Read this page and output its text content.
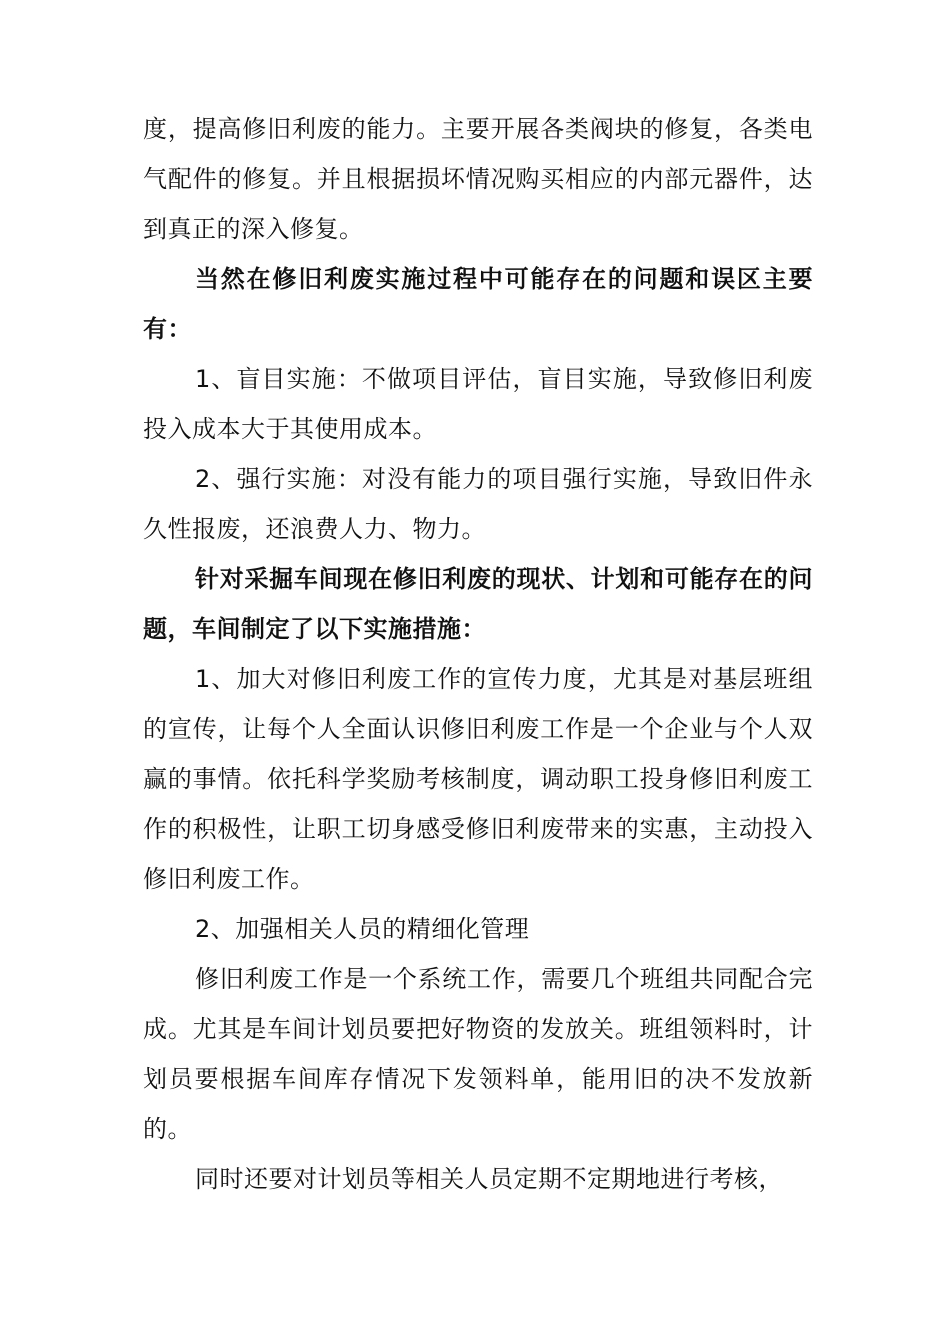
度，提高修旧利废的能力。主要开展各类阀块的修复，各类电气配件的修复。并且根据损坏情况购买相应的内部元器件，达到真正的深入修复。

当然在修旧利废实施过程中可能存在的问题和误区主要有：

1、盲目实施：不做项目评估，盲目实施，导致修旧利废投入成本大于其使用成本。

2、强行实施：对没有能力的项目强行实施，导致旧件永久性报废，还浪费人力、物力。

针对采掘车间现在修旧利废的现状、计划和可能存在的问题，车间制定了以下实施措施：

1、加大对修旧利废工作的宣传力度，尤其是对基层班组的宣传，让每个人全面认识修旧利废工作是一个企业与个人双赢的事情。依托科学奖励考核制度，调动职工投身修旧利废工作的积极性，让职工切身感受修旧利废带来的实惠，主动投入修旧利废工作。

2、加强相关人员的精细化管理

修旧利废工作是一个系统工作，需要几个班组共同配合完成。尤其是车间计划员要把好物资的发放关。班组领料时，计划员要根据车间库存情况下发领料单，能用旧的决不发放新的。

同时还要对计划员等相关人员定期不定期地进行考核，
